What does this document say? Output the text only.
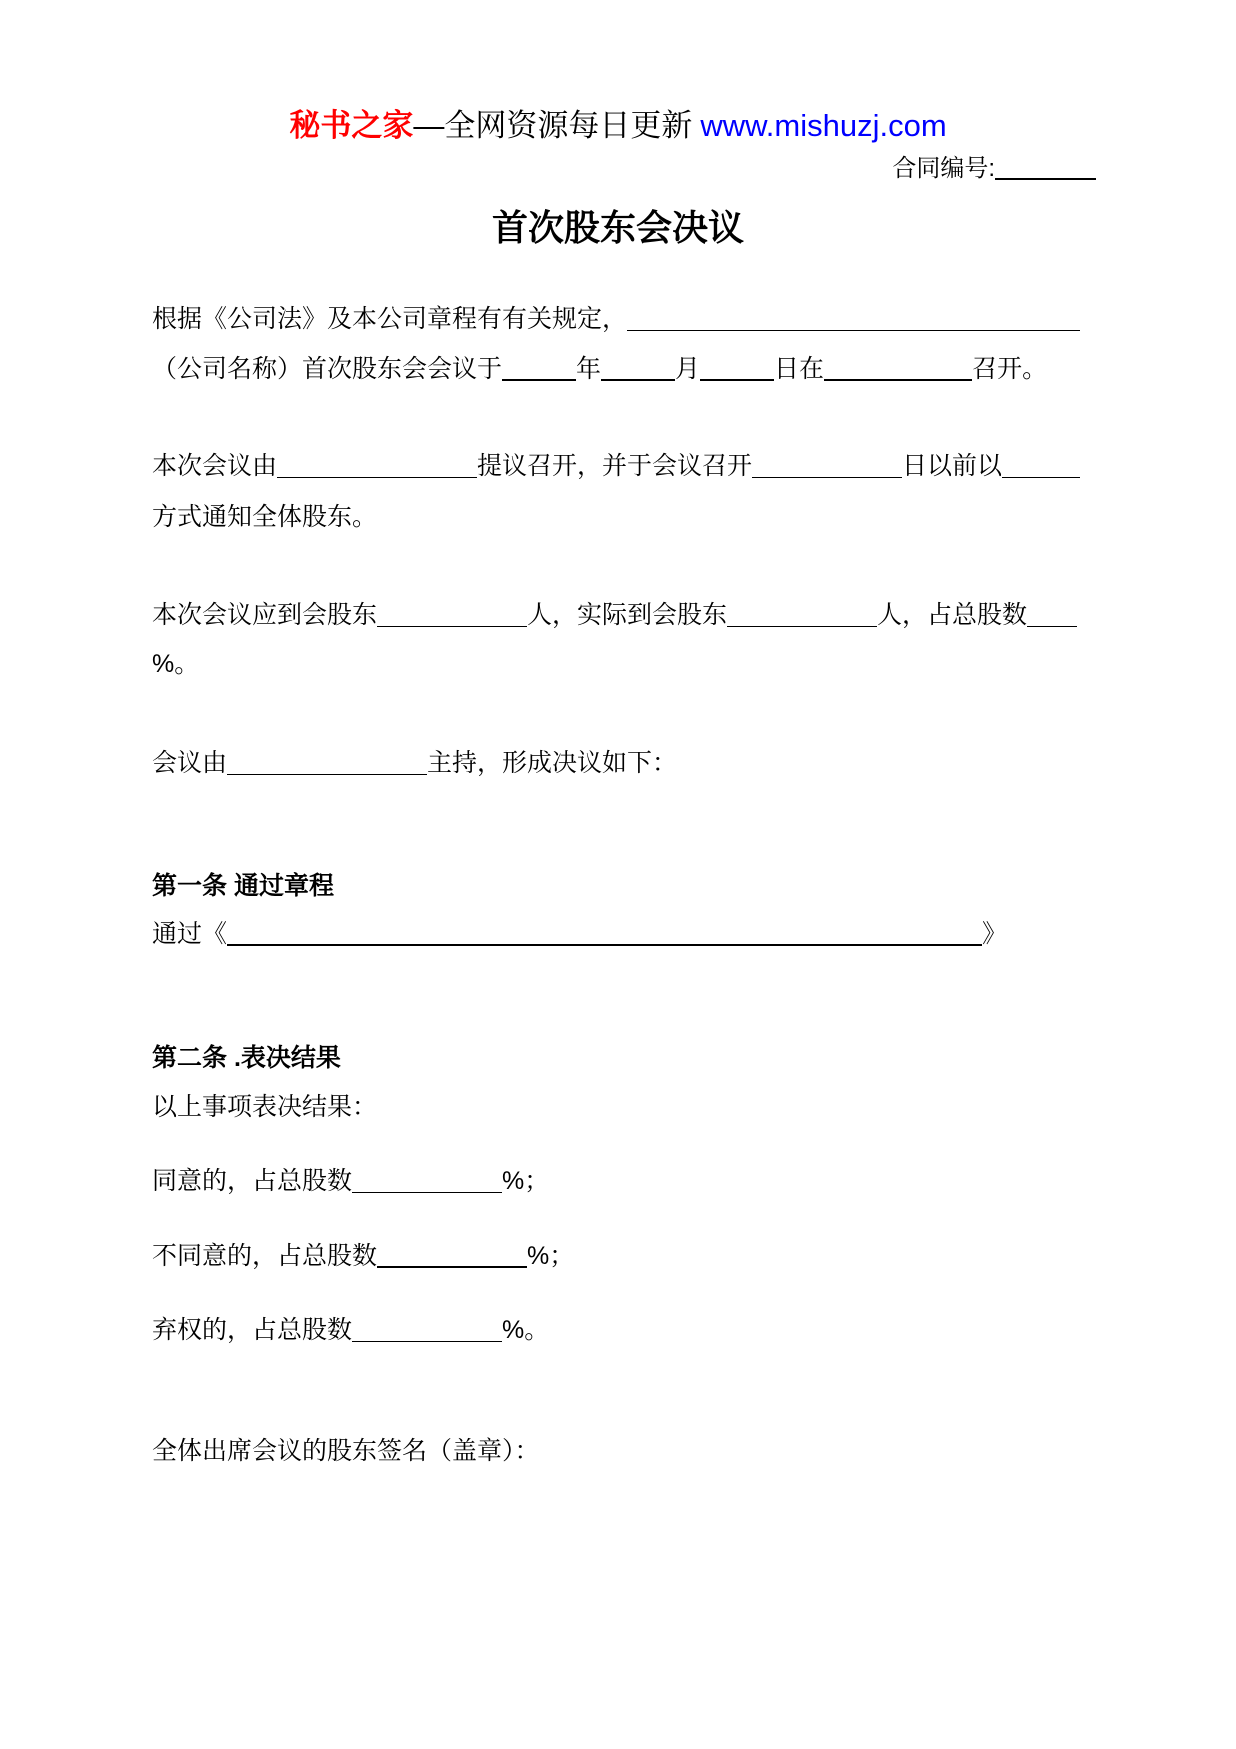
秘书之家—全网资源每日更新 www.mishuzj.com
合同编号:
首次股东会决议
根据《公司法》及本公司章程有有关规定，
（公司名称）首次股东会会议于	年	月	日在	召开。
本次会议由	提议召开，并于会议召开	日以前以
方式通知全体股东。
本次会议应到会股东	人，实际到会股东	人，占总股数
%。
会议由	主持，形成决议如下：
第一条 通过章程
通过《	》
第二条 .表决结果
以上事项表决结果：
同意的，占总股数	%；
不同意的，占总股数	%；
弃权的，占总股数	%。
全体出席会议的股东签名（盖章）：
